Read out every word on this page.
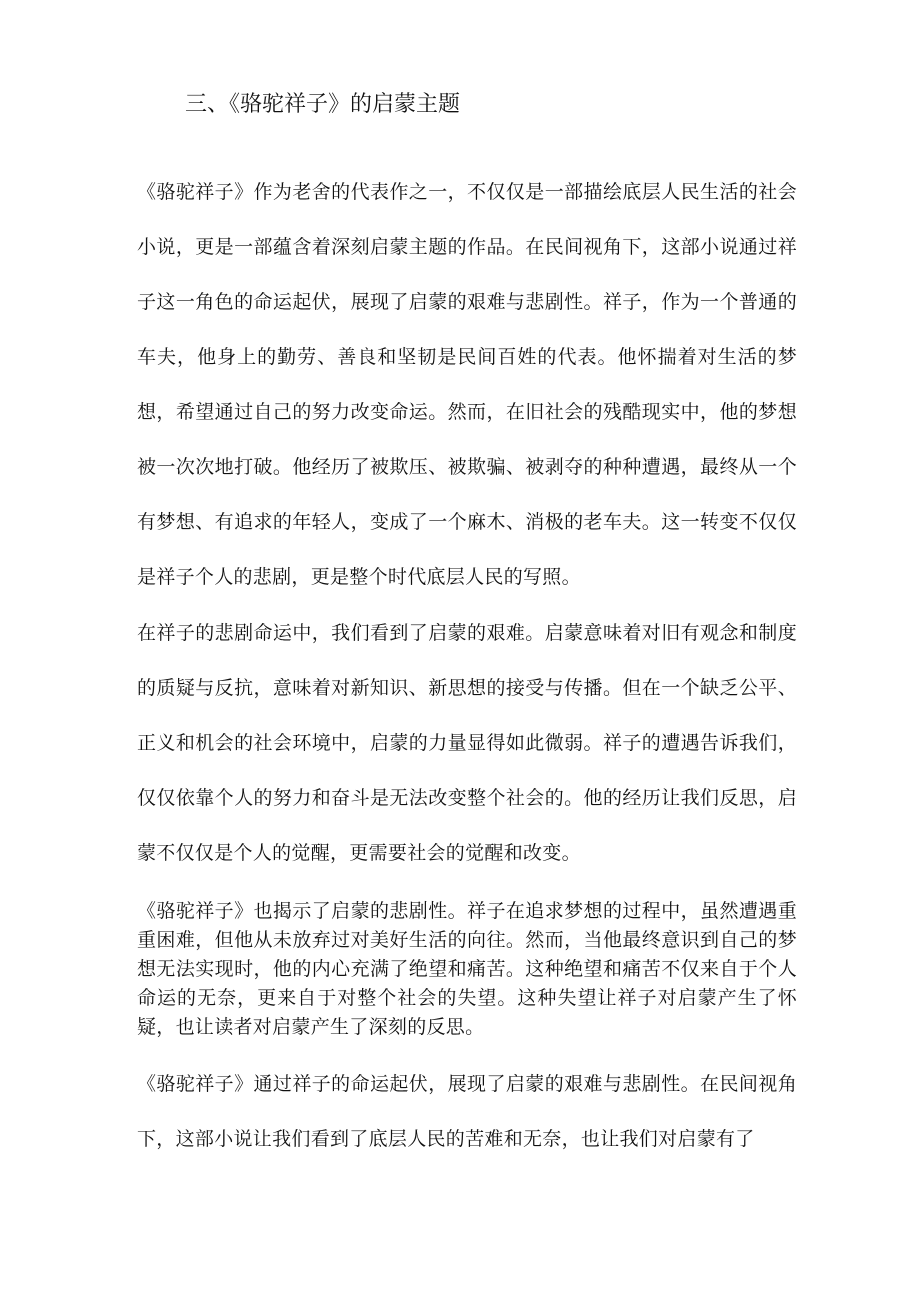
三、《骆驼祥子》的启蒙主题

《骆驼祥子》作为老舍的代表作之一，不仅仅是一部描绘底层人民生活的社会小说，更是一部蕴含着深刻启蒙主题的作品。在民间视角下，这部小说通过祥子这一角色的命运起伏，展现了启蒙的艰难与悲剧性。祥子，作为一个普通的车夫，他身上的勤劳、善良和坚韧是民间百姓的代表。他怀揣着对生活的梦想，希望通过自己的努力改变命运。然而，在旧社会的残酷现实中，他的梦想被一次次地打破。他经历了被欺压、被欺骗、被剥夺的种种遭遇，最终从一个有梦想、有追求的年轻人，变成了一个麻木、消极的老车夫。这一转变不仅仅是祥子个人的悲剧，更是整个时代底层人民的写照。

在祥子的悲剧命运中，我们看到了启蒙的艰难。启蒙意味着对旧有观念和制度的质疑与反抗，意味着对新知识、新思想的接受与传播。但在一个缺乏公平、正义和机会的社会环境中，启蒙的力量显得如此微弱。祥子的遭遇告诉我们，仅仅依靠个人的努力和奋斗是无法改变整个社会的。他的经历让我们反思，启蒙不仅仅是个人的觉醒，更需要社会的觉醒和改变。

《骆驼祥子》也揭示了启蒙的悲剧性。祥子在追求梦想的过程中，虽然遭遇重重困难，但他从未放弃过对美好生活的向往。然而，当他最终意识到自己的梦想无法实现时，他的内心充满了绝望和痛苦。这种绝望和痛苦不仅来自于个人命运的无奈，更来自于对整个社会的失望。这种失望让祥子对启蒙产生了怀疑，也让读者对启蒙产生了深刻的反思。

《骆驼祥子》通过祥子的命运起伏，展现了启蒙的艰难与悲剧性。在民间视角下，这部小说让我们看到了底层人民的苦难和无奈，也让我们对启蒙有了
